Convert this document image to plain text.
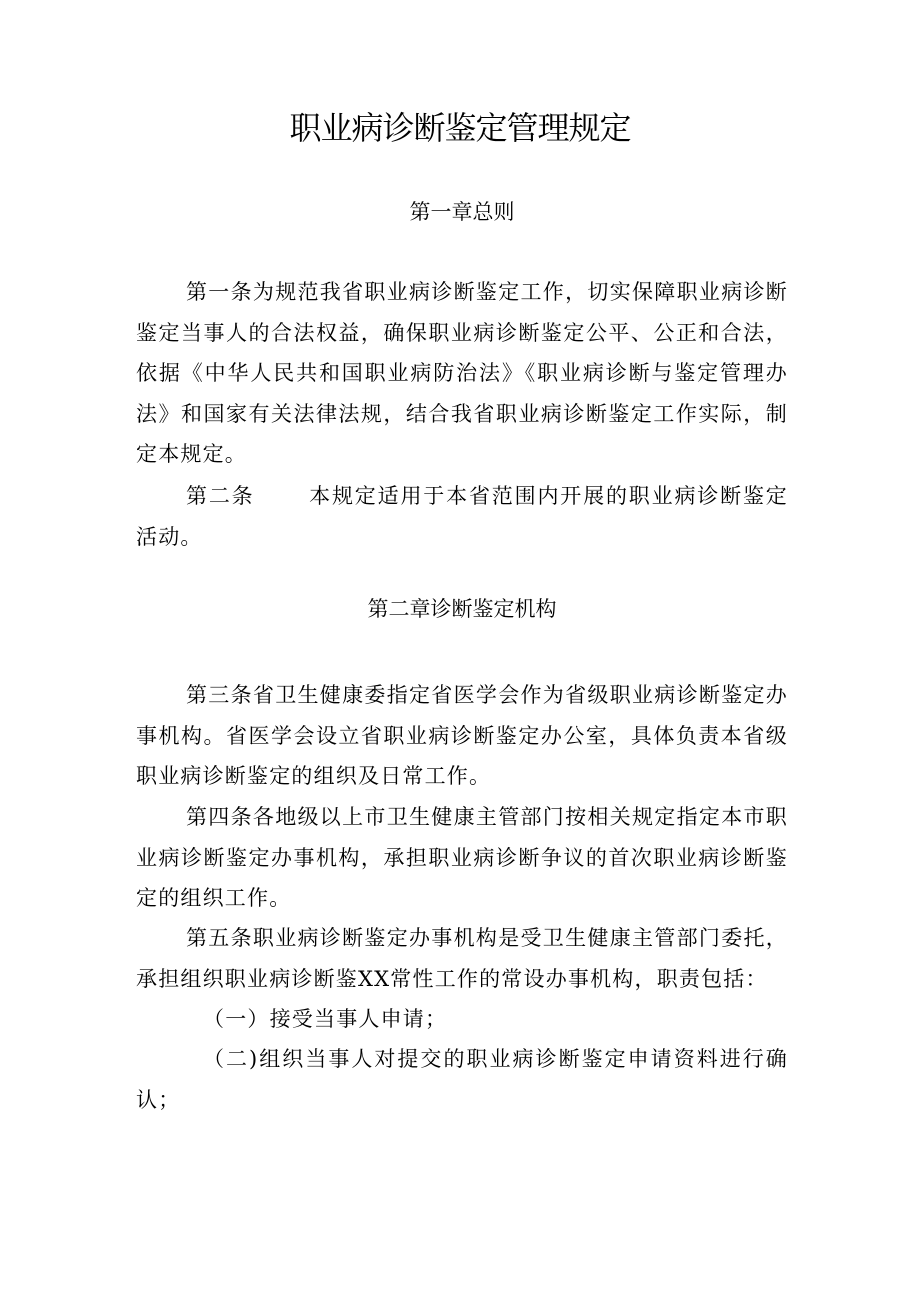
职业病诊断鉴定管理规定
第一章总则

第一条为规范我省职业病诊断鉴定工作，切实保障职业病诊断鉴定当事人的合法权益，确保职业病诊断鉴定公平、公正和合法，依据《中华人民共和国职业病防治法》《职业病诊断与鉴定管理办法》和国家有关法律法规，结合我省职业病诊断鉴定工作实际，制定本规定。

第二条	本规定适用于本省范围内开展的职业病诊断鉴定活动。

第二章诊断鉴定机构

第三条省卫生健康委指定省医学会作为省级职业病诊断鉴定办事机构。省医学会设立省职业病诊断鉴定办公室，具体负责本省级职业病诊断鉴定的组织及日常工作。

第四条各地级以上市卫生健康主管部门按相关规定指定本市职业病诊断鉴定办事机构，承担职业病诊断争议的首次职业病诊断鉴定的组织工作。

第五条职业病诊断鉴定办事机构是受卫生健康主管部门委托，承担组织职业病诊断鉴XX常性工作的常设办事机构，职责包括：

（一）接受当事人申请；

（二)组织当事人对提交的职业病诊断鉴定申请资料进行确认；
